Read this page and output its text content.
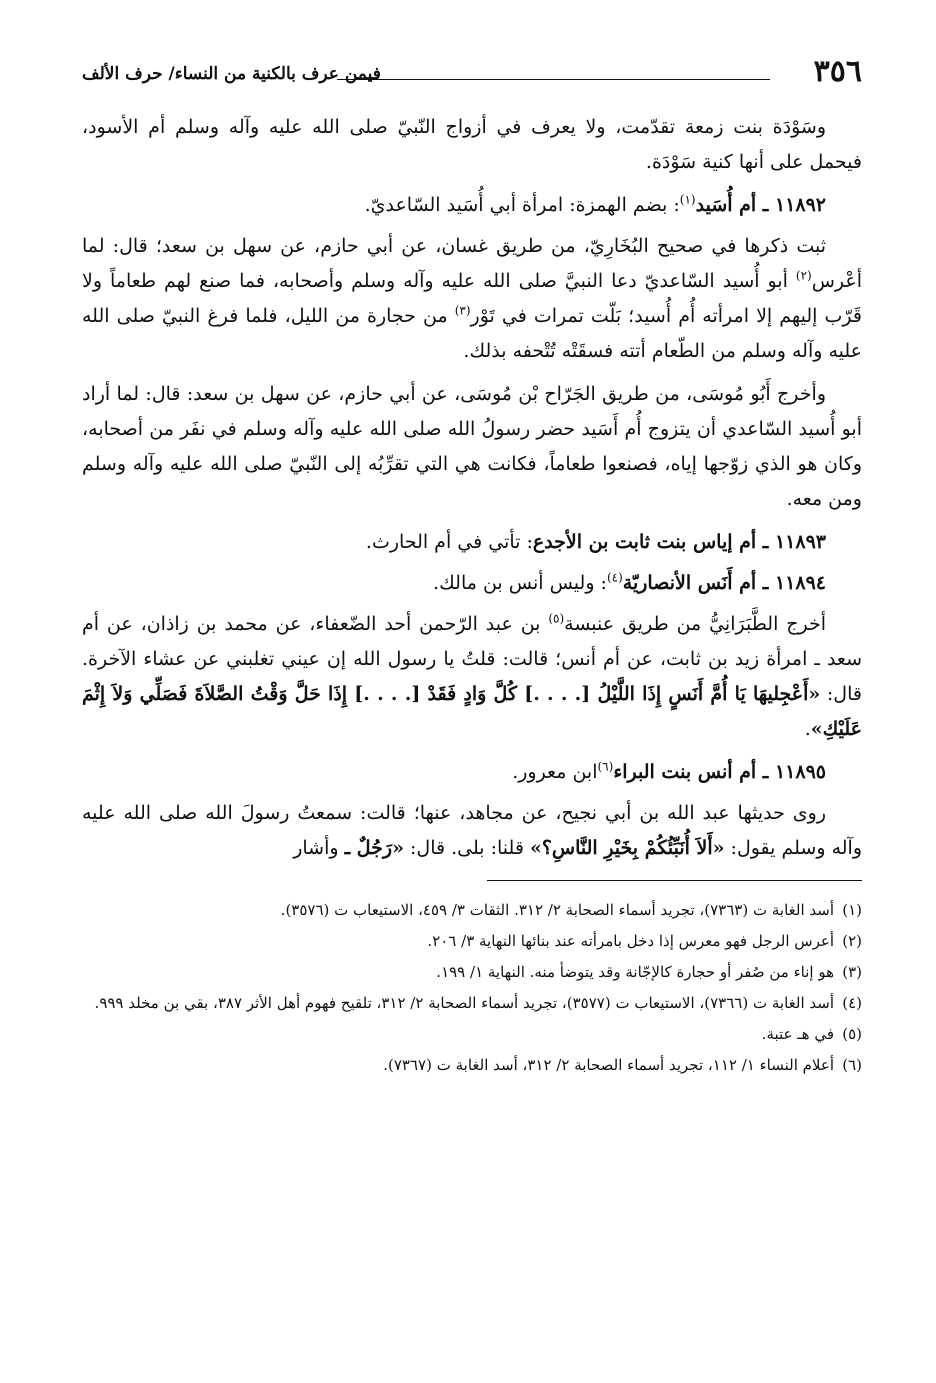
٣٥٦
فيمن عرف بالكنية من النساء/ حرف الألف

وسَوْدَة بنت زمعة تقدّمت، ولا يعرف في أزواج النّبيّ صلى الله عليه وآله وسلم أم الأسود، فيحمل على أنها كنية سَوْدَة.

١١٨٩٢ ـ أم أُسَيد$^{(١)}$: بضم الهمزة: امرأة أبي أُسَيد السّاعديّ.

ثبت ذكرها في صحيح البُخَارِيّ، من طريق غسان، عن أبي حازم، عن سهل بن سعد؛ قال: لما أعْرس$^{(٢)}$ أبو أُسيد السّاعديّ دعا النبيَّ صلى الله عليه وآله وسلم وأصحابه، فما صنع لهم طعاماً ولا قَرّب إليهم إلا امرأته أُم أُسيد؛ بَلّت تمرات في تَوْر$^{(٣)}$ من حجارة من الليل، فلما فرغ النبيّ صلى الله عليه وآله وسلم من الطّعام أتته فسقَتْه تُتْحفه بذلك.

وأخرج أَبُو مُوسَى، من طريق الجَرّاح بْن مُوسَى، عن أبي حازم، عن سهل بن سعد: قال: لما أراد أبو أُسيد السّاعدي أن يتزوج أُم أَسَيد حضر رسولُ الله صلى الله عليه وآله وسلم في نفَر من أصحابه، وكان هو الذي زوّجها إياه، فصنعوا طعاماً، فكانت هي التي تقرِّبُه إلى النّبيّ صلى الله عليه وآله وسلم ومن معه.

١١٨٩٣ ـ أم إياس بنت ثابت بن الأجدع: تأتي في أم الحارث.

١١٨٩٤ ـ أم أَنَس الأنصاريّة$^{(٤)}$: وليس أنس بن مالك.

أخرج الطَّبَرَانِيُّ من طريق عنبسة$^{(٥)}$ بن عبد الرّحمن أحد الضّعفاء، عن محمد بن زاذان، عن أم سعد ـ امرأة زيد بن ثابت، عن أم أنس؛ قالت: قلتُ يا رسول الله إن عيني تغلبني عن عشاء الآخرة. قال: «أَعْجِليهَا يَا أُمَّ أَنَسٍ إِذَا اللَّيْلُ [. . . .] كُلَّ وَادٍ فَقَدْ [. . . .] إِذَا حَلَّ وَقْتُ الصَّلاَةَ فَصَلِّي وَلاَ إِثْمَ عَلَيْكِ».

١١٨٩٥ ـ أم أنس بنت البراء$^{(٦)}$ابن معرور.

روى حديثها عبد الله بن أبي نجيح، عن مجاهد، عنها؛ قالت: سمعتُ رسولَ الله صلى الله عليه وآله وسلم يقول: «أَلاَ أُنَبِّئُكُمْ بِخَيْرِ النَّاسِ؟» قلنا: بلى. قال: «رَجُلٌ ـ وأشار

(١)أسد الغابة ت (٧٣٦٣)، تجريد أسماء الصحابة ٢/ ٣١٢. الثقات ٣/ ٤٥٩، الاستيعاب ت (٣٥٧٦).

(٢)أعرس الرجل فهو معرس إذا دخل بامرأته عند بنائها النهاية ٣/ ٢٠٦.

(٣)هو إناء من صُفر أو حجارة كالإجّانة وقد يتوضأ منه. النهاية ١/ ١٩٩.

(٤)أسد الغابة ت (٧٣٦٦)، الاستيعاب ت (٣٥٧٧)، تجريد أسماء الصحابة ٢/ ٣١٢، تلقيح فهوم أهل الأثر ٣٨٧، بقي بن مخلد ٩٩٩.

(٥)في هـ عتبة.

(٦)أعلام النساء ١/ ١١٢، تجريد أسماء الصحابة ٢/ ٣١٢، أسد الغابة ت (٧٣٦٧).
